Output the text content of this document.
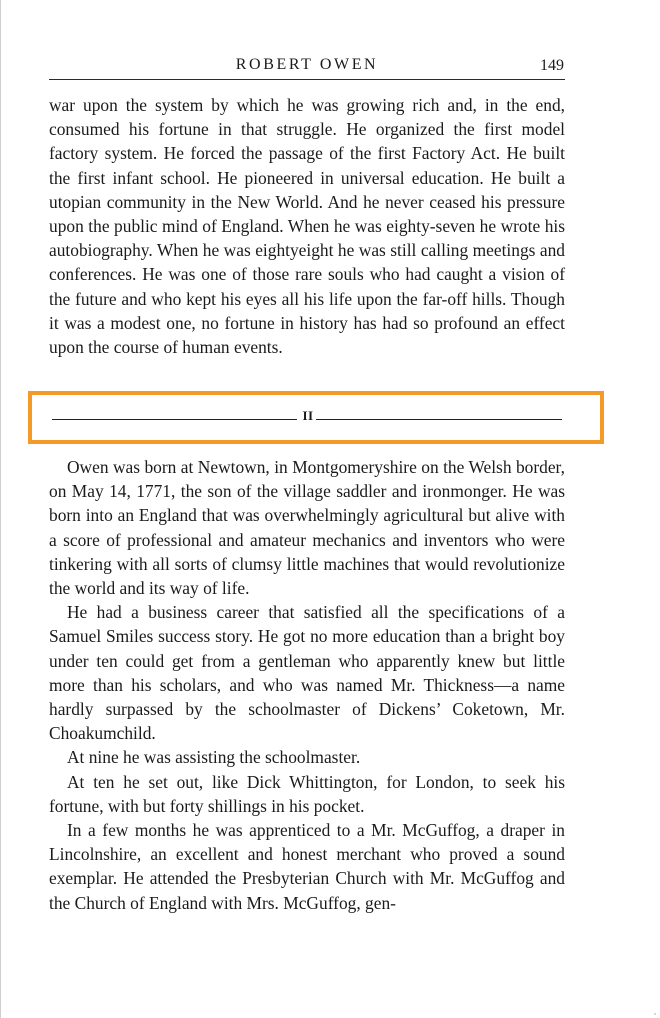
ROBERT OWEN	149

war upon the system by which he was growing rich and, in the end, consumed his fortune in that struggle. He organized the first model factory system. He forced the passage of the first Factory Act. He built the first infant school. He pioneered in universal education. He built a utopian community in the New World. And he never ceased his pressure upon the public mind of England. When he was eighty-seven he wrote his autobiography. When he was eightyeight he was still calling meetings and conferences. He was one of those rare souls who had caught a vision of the future and who kept his eyes all his life upon the far-off hills. Though it was a modest one, no fortune in history has had so profound an effect upon the course of human events.

II

Owen was born at Newtown, in Montgomeryshire on the Welsh border, on May 14, 1771, the son of the village saddler and ironmonger. He was born into an England that was overwhelmingly agricultural but alive with a score of professional and amateur mechanics and inventors who were tinkering with all sorts of clumsy little machines that would revolutionize the world and its way of life.

He had a business career that satisfied all the specifications of a Samuel Smiles success story. He got no more education than a bright boy under ten could get from a gentleman who apparently knew but little more than his scholars, and who was named Mr. Thickness—a name hardly surpassed by the schoolmaster of Dickens’ Coketown, Mr. Choakumchild.

At nine he was assisting the schoolmaster.

At ten he set out, like Dick Whittington, for London, to seek his fortune, with but forty shillings in his pocket.

In a few months he was apprenticed to a Mr. McGuffog, a draper in Lincolnshire, an excellent and honest merchant who proved a sound exemplar. He attended the Presbyterian Church with Mr. McGuffog and the Church of England with Mrs. McGuffog, gen-
